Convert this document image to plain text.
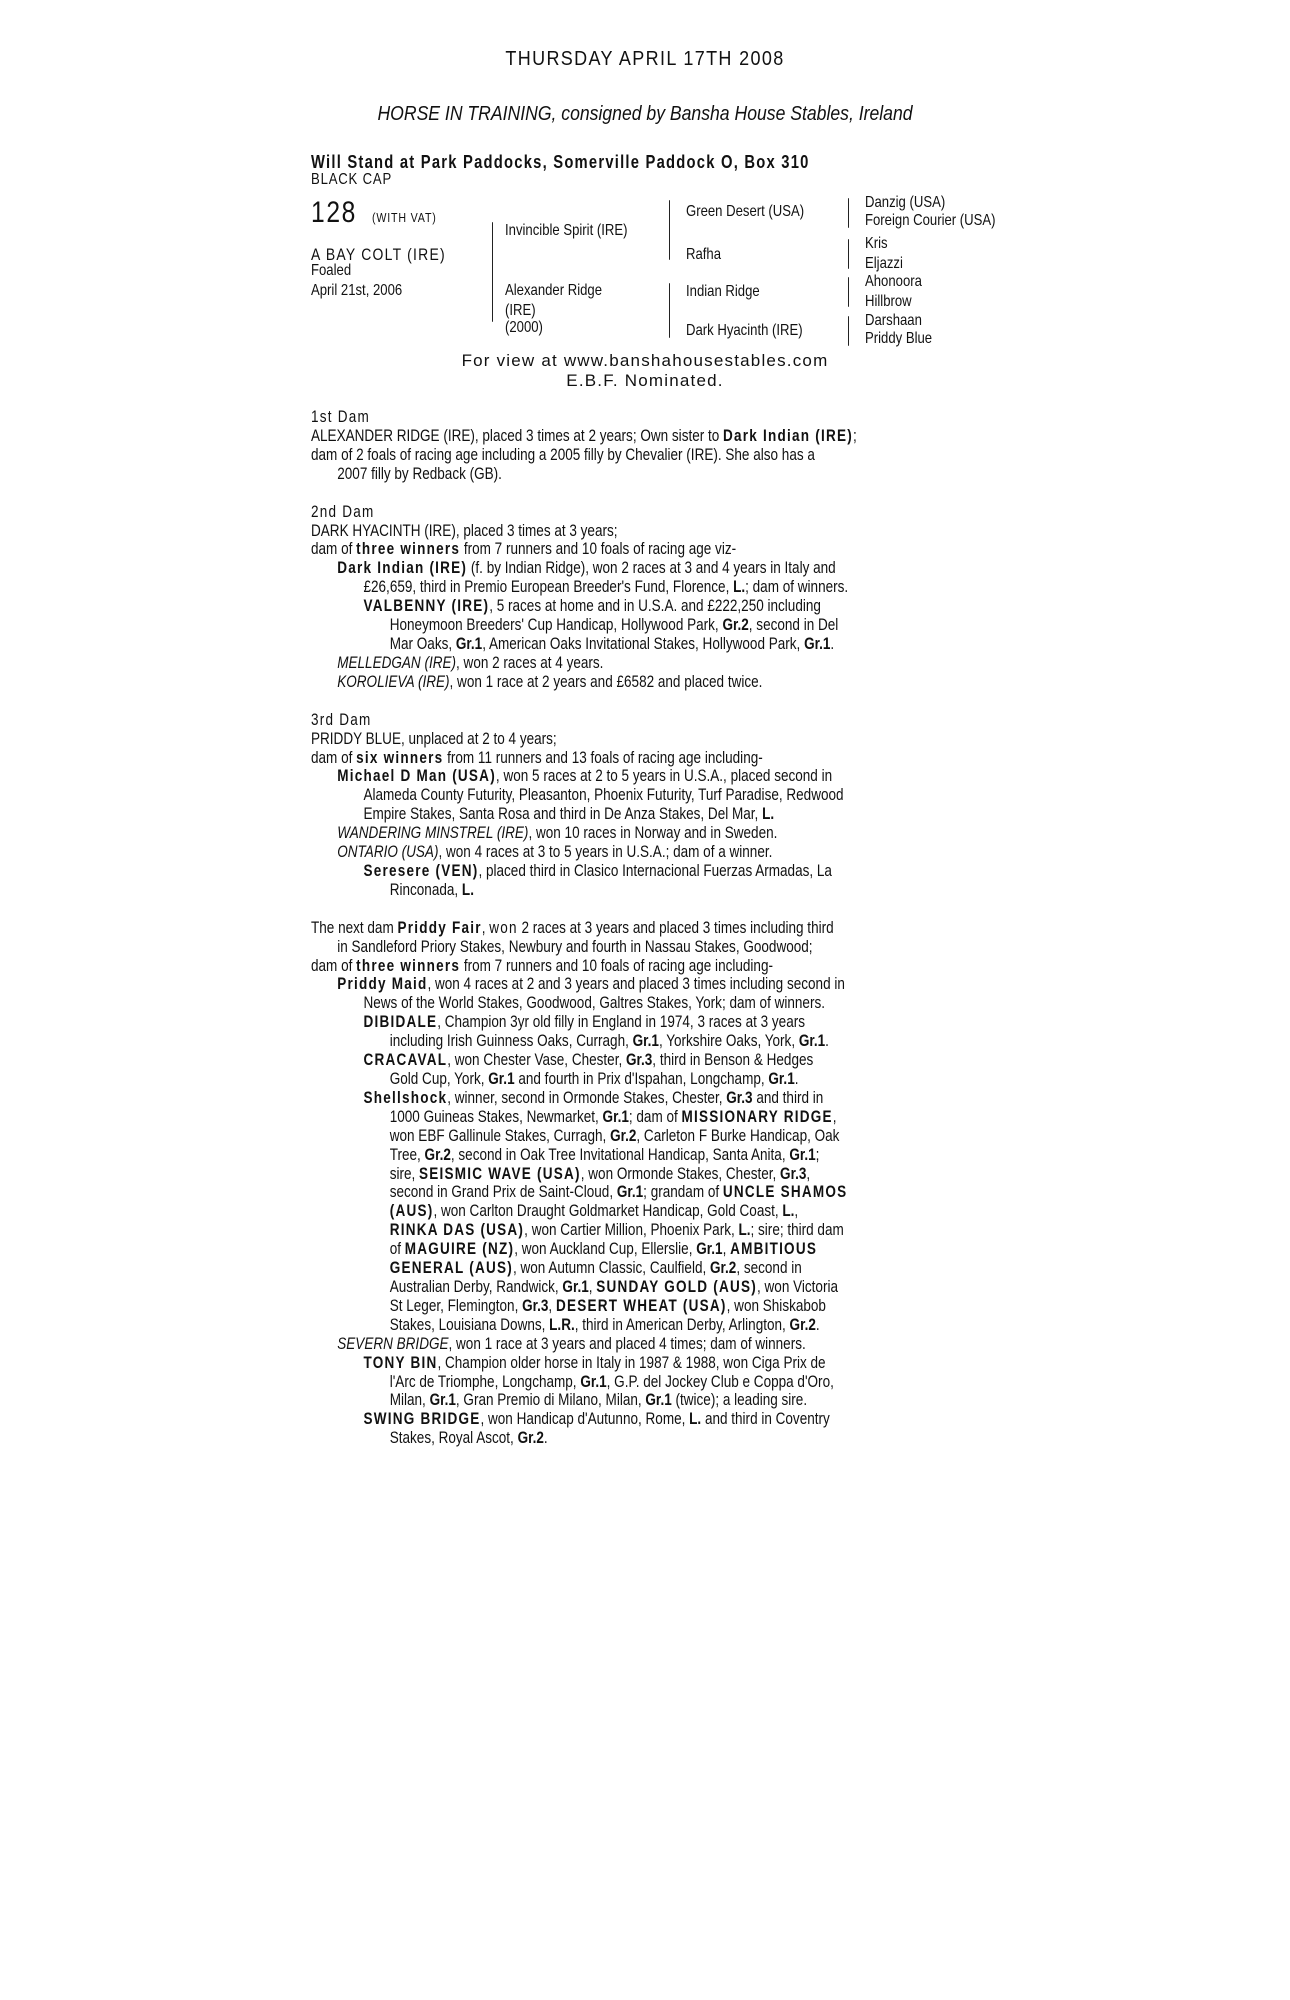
THURSDAY APRIL 17TH 2008
HORSE IN TRAINING, consigned by Bansha House Stables, Ireland
Will Stand at Park Paddocks, Somerville Paddock O, Box 310
BLACK CAP
128 (WITH VAT)
A BAY COLT (IRE)
Foaled
April 21st, 2006
Invincible Spirit (IRE)
Alexander Ridge
(IRE)
(2000)
Green Desert (USA)
Rafha
Indian Ridge
Dark Hyacinth (IRE)
Danzig (USA)
Foreign Courier (USA)
Kris
Eljazzi
Ahonoora
Hillbrow
Darshaan
Priddy Blue
For view at www.banshahousestables.com
E.B.F. Nominated.
1st Dam
ALEXANDER RIDGE (IRE), placed 3 times at 2 years; Own sister to Dark Indian (IRE);
dam of 2 foals of racing age including a 2005 filly by Chevalier (IRE). She also has a
2007 filly by Redback (GB).
2nd Dam
DARK HYACINTH (IRE), placed 3 times at 3 years;
dam of three winners from 7 runners and 10 foals of racing age viz-
Dark Indian (IRE) (f. by Indian Ridge), won 2 races at 3 and 4 years in Italy and
£26,659, third in Premio European Breeder's Fund, Florence, L.; dam of winners.
VALBENNY (IRE), 5 races at home and in U.S.A. and £222,250 including
Honeymoon Breeders' Cup Handicap, Hollywood Park, Gr.2, second in Del
Mar Oaks, Gr.1, American Oaks Invitational Stakes, Hollywood Park, Gr.1.
MELLEDGAN (IRE), won 2 races at 4 years.
KOROLIEVA (IRE), won 1 race at 2 years and £6582 and placed twice.
3rd Dam
PRIDDY BLUE, unplaced at 2 to 4 years;
dam of six winners from 11 runners and 13 foals of racing age including-
Michael D Man (USA), won 5 races at 2 to 5 years in U.S.A., placed second in
Alameda County Futurity, Pleasanton, Phoenix Futurity, Turf Paradise, Redwood
Empire Stakes, Santa Rosa and third in De Anza Stakes, Del Mar, L.
WANDERING MINSTREL (IRE), won 10 races in Norway and in Sweden.
ONTARIO (USA), won 4 races at 3 to 5 years in U.S.A.; dam of a winner.
Seresere (VEN), placed third in Clasico Internacional Fuerzas Armadas, La
Rinconada, L.
The next dam Priddy Fair, won 2 races at 3 years and placed 3 times including third
in Sandleford Priory Stakes, Newbury and fourth in Nassau Stakes, Goodwood;
dam of three winners from 7 runners and 10 foals of racing age including-
Priddy Maid, won 4 races at 2 and 3 years and placed 3 times including second in
News of the World Stakes, Goodwood, Galtres Stakes, York; dam of winners.
DIBIDALE, Champion 3yr old filly in England in 1974, 3 races at 3 years
including Irish Guinness Oaks, Curragh, Gr.1, Yorkshire Oaks, York, Gr.1.
CRACAVAL, won Chester Vase, Chester, Gr.3, third in Benson & Hedges
Gold Cup, York, Gr.1 and fourth in Prix d'Ispahan, Longchamp, Gr.1.
Shellshock, winner, second in Ormonde Stakes, Chester, Gr.3 and third in
1000 Guineas Stakes, Newmarket, Gr.1; dam of MISSIONARY RIDGE,
won EBF Gallinule Stakes, Curragh, Gr.2, Carleton F Burke Handicap, Oak
Tree, Gr.2, second in Oak Tree Invitational Handicap, Santa Anita, Gr.1;
sire, SEISMIC WAVE (USA), won Ormonde Stakes, Chester, Gr.3,
second in Grand Prix de Saint-Cloud, Gr.1; grandam of UNCLE SHAMOS
(AUS), won Carlton Draught Goldmarket Handicap, Gold Coast, L.,
RINKA DAS (USA), won Cartier Million, Phoenix Park, L.; sire; third dam
of MAGUIRE (NZ), won Auckland Cup, Ellerslie, Gr.1, AMBITIOUS
GENERAL (AUS), won Autumn Classic, Caulfield, Gr.2, second in
Australian Derby, Randwick, Gr.1, SUNDAY GOLD (AUS), won Victoria
St Leger, Flemington, Gr.3, DESERT WHEAT (USA), won Shiskabob
Stakes, Louisiana Downs, L.R., third in American Derby, Arlington, Gr.2.
SEVERN BRIDGE, won 1 race at 3 years and placed 4 times; dam of winners.
TONY BIN, Champion older horse in Italy in 1987 & 1988, won Ciga Prix de
l'Arc de Triomphe, Longchamp, Gr.1, G.P. del Jockey Club e Coppa d'Oro,
Milan, Gr.1, Gran Premio di Milano, Milan, Gr.1 (twice); a leading sire.
SWING BRIDGE, won Handicap d'Autunno, Rome, L. and third in Coventry
Stakes, Royal Ascot, Gr.2.
